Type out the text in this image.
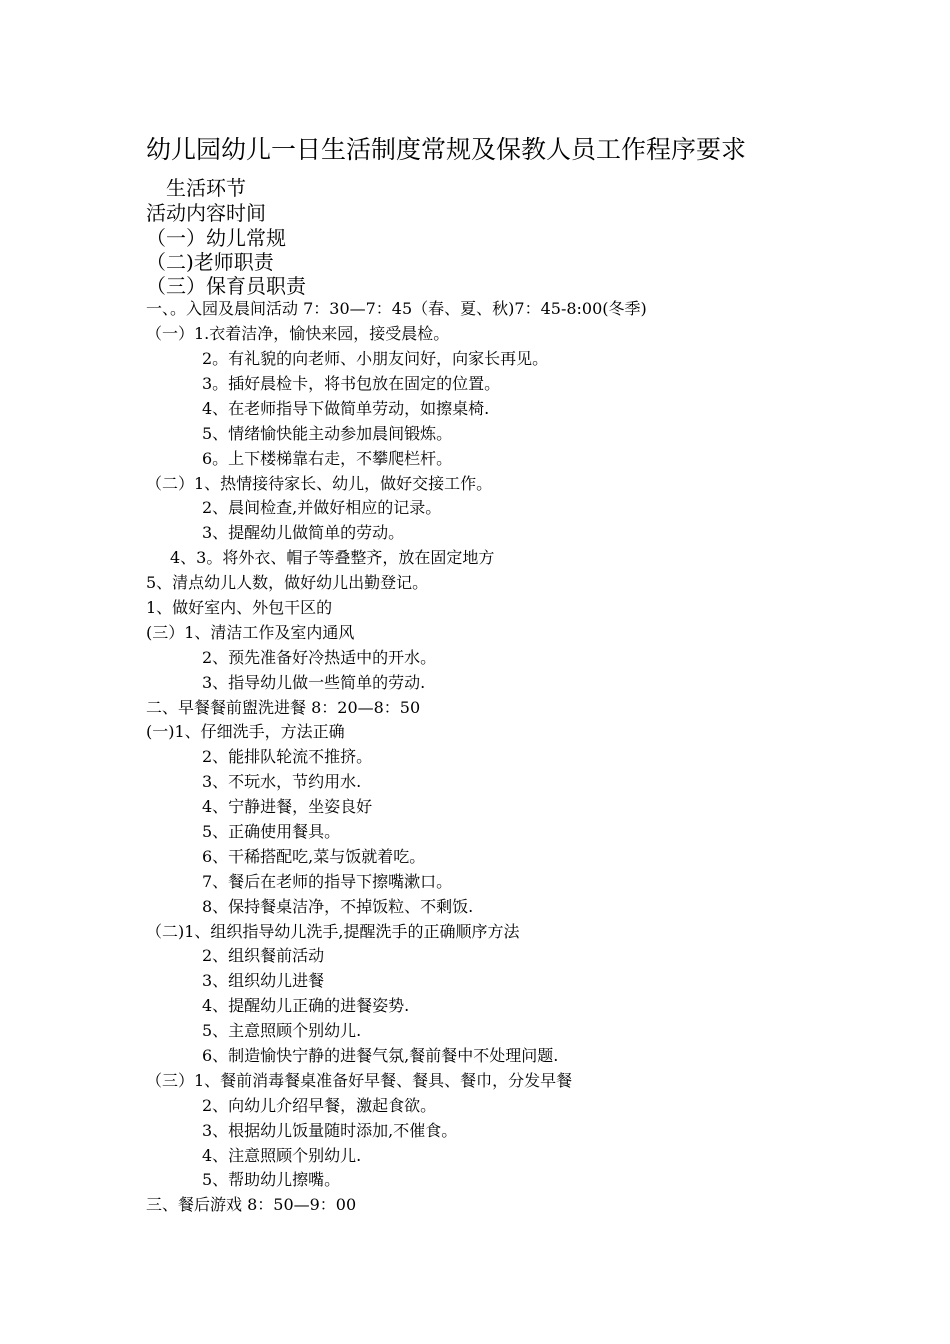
幼儿园幼儿一日生活制度常规及保教人员工作程序要求
生活环节
活动内容时间
（一）幼儿常规
（二)老师职责
（三）保育员职责
一、。入园及晨间活动 7：30—7：45（春、夏、秋)7：45-8:00(冬季)
（一）1.衣着洁净，愉快来园，接受晨检。
2。有礼貌的向老师、小朋友问好，向家长再见。
3。插好晨检卡，将书包放在固定的位置。
4、在老师指导下做简单劳动，如擦桌椅.
5、情绪愉快能主动参加晨间锻炼。
6。上下楼梯靠右走，不攀爬栏杆。
（二）1、热情接待家长、幼儿，做好交接工作。
2、晨间检查,并做好相应的记录。
3、提醒幼儿做简单的劳动。
4、3。将外衣、帽子等叠整齐，放在固定地方
5、清点幼儿人数，做好幼儿出勤登记。
1、做好室内、外包干区的
(三）1、清洁工作及室内通风
2、预先准备好冷热适中的开水。
3、指导幼儿做一些简单的劳动.
二、早餐餐前盥洗进餐 8：20—8：50
(一)1、仔细洗手，方法正确
2、能排队轮流不推挤。
3、不玩水，节约用水.
4、宁静进餐，坐姿良好
5、正确使用餐具。
6、干稀搭配吃,菜与饭就着吃。
7、餐后在老师的指导下擦嘴漱口。
8、保持餐桌洁净，不掉饭粒、不剩饭.
（二)1、组织指导幼儿洗手,提醒洗手的正确顺序方法
2、组织餐前活动
3、组织幼儿进餐
4、提醒幼儿正确的进餐姿势.
5、主意照顾个别幼儿.
6、制造愉快宁静的进餐气氛,餐前餐中不处理问题.
（三）1、餐前消毒餐桌准备好早餐、餐具、餐巾，分发早餐
2、向幼儿介绍早餐，激起食欲。
3、根据幼儿饭量随时添加,不催食。
4、注意照顾个别幼儿.
5、帮助幼儿擦嘴。
三、餐后游戏 8：50—9：00
